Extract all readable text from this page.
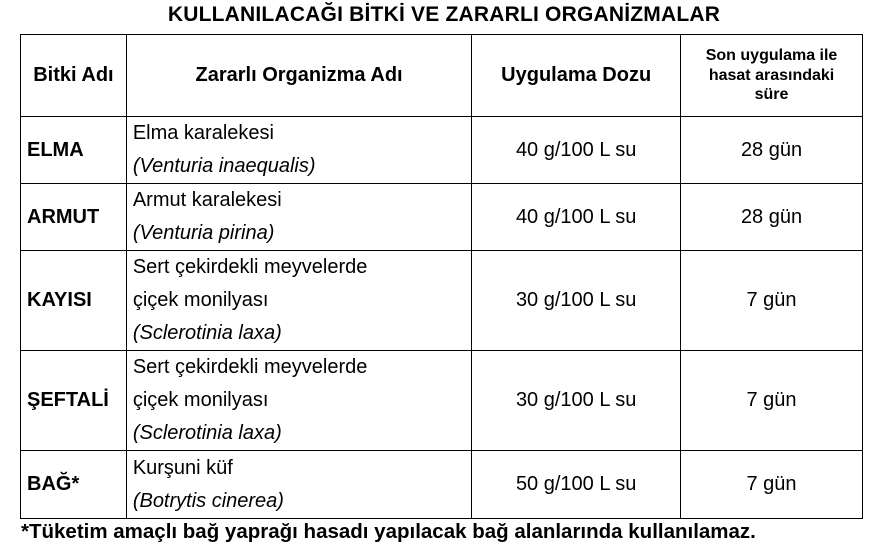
KULLANILACAĞI BİTKİ VE ZARARLI ORGANİZMALAR
Bitki Adı	Zararlı Organizma Adı	Uygulama Dozu	Son uygulama ile
hasat arasındaki
süre

ELMA	Elma karalekesi
(Venturia inaequalis)	40 g/100 L su	28 gün
ARMUT	Armut karalekesi
(Venturia pirina)	40 g/100 L su	28 gün
KAYISI	Sert çekirdekli meyvelerde
çiçek monilyası
(Sclerotinia laxa)	30 g/100 L su	7 gün
ŞEFTALİ	Sert çekirdekli meyvelerde
çiçek monilyası
(Sclerotinia laxa)	30 g/100 L su	7 gün
BAĞ*	Kurşuni küf
(Botrytis cinerea)	50 g/100 L su	7 gün
*Tüketim amaçlı bağ yaprağı hasadı yapılacak bağ alanlarında kullanılamaz.
